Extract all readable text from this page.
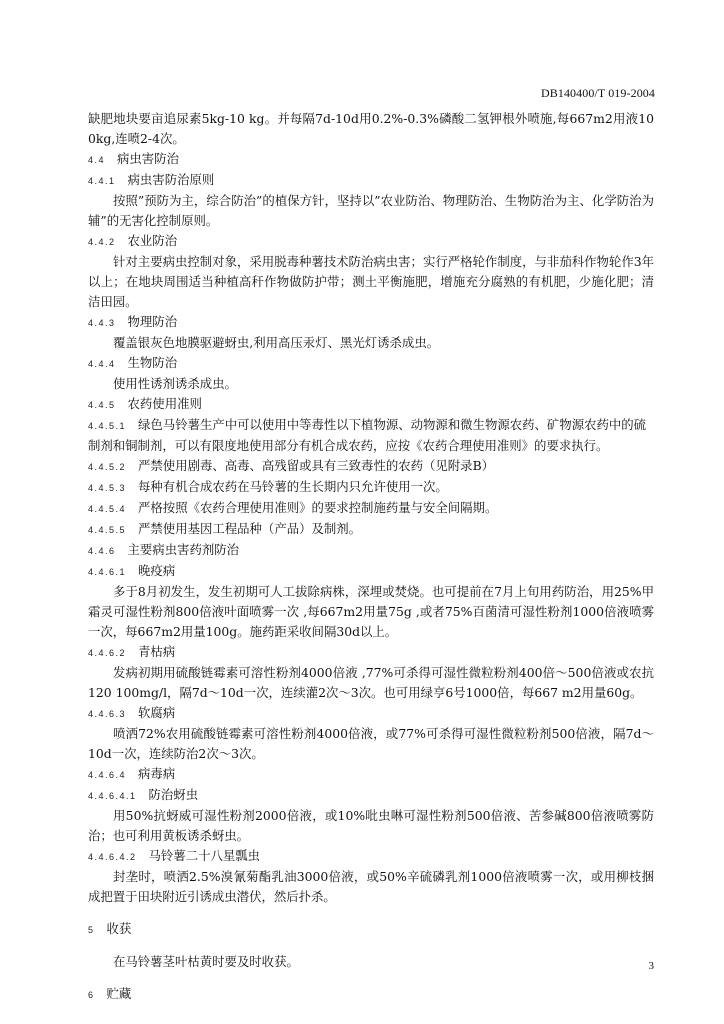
DB140400/T 019-2004

缺肥地块要亩追尿素5kg-10 kg。并每隔7d-10d用0.2%-0.3%磷酸二氢钾根外喷施,每667m2用液100kg,连喷2-4次。

4.4 病虫害防治
4.4.1 病虫害防治原则

按照”预防为主，综合防治”的植保方针，坚持以”农业防治、物理防治、生物防治为主、化学防治为辅”的无害化控制原则。

4.4.2 农业防治

针对主要病虫控制对象，采用脱毒种薯技术防治病虫害；实行严格轮作制度，与非茄科作物轮作3年以上；在地块周围适当种植高秆作物做防护带；测土平衡施肥，增施充分腐熟的有机肥，少施化肥；清洁田园。

4.4.3 物理防治

覆盖银灰色地膜驱避蚜虫,利用高压汞灯、黑光灯诱杀成虫。

4.4.4 生物防治

使用性诱剂诱杀成虫。

4.4.5 农药使用准则
4.4.5.1 绿色马铃薯生产中可以使用中等毒性以下植物源、动物源和微生物源农药、矿物源农药中的硫制剂和铜制剂，可以有限度地使用部分有机合成农药，应按《农药合理使用准则》的要求执行。
4.4.5.2 严禁使用剧毒、高毒、高残留或具有三致毒性的农药（见附录B）
4.4.5.3 每种有机合成农药在马铃薯的生长期内只允许使用一次。
4.4.5.4 严格按照《农药合理使用准则》的要求控制施药量与安全间隔期。
4.4.5.5 严禁使用基因工程品种（产品）及制剂。
4.4.6 主要病虫害药剂防治
4.4.6.1 晚疫病

多于8月初发生，发生初期可人工拔除病株，深埋或焚烧。也可提前在7月上旬用药防治，用25%甲霜灵可湿性粉剂800倍液叶面喷雾一次 ,每667m2用量75g ,或者75%百菌清可湿性粉剂1000倍液喷雾一次，每667m2用量100g。施药距采收间隔30d以上。

4.4.6.2 青枯病

发病初期用硫酸链霉素可溶性粉剂4000倍液 ,77%可杀得可湿性微粒粉剂400倍～500倍液或农抗120 100mg/l，隔7d～10d一次，连续灌2次～3次。也可用绿亨6号1000倍，每667 m2用量60g。

4.4.6.3 软腐病

喷洒72%农用硫酸链霉素可溶性粉剂4000倍液，或77%可杀得可湿性微粒粉剂500倍液，隔7d～10d一次，连续防治2次～3次。

4.4.6.4 病毒病
4.4.6.4.1 防治蚜虫

用50%抗蚜威可湿性粉剂2000倍液，或10%吡虫啉可湿性粉剂500倍液、苦参碱800倍液喷雾防治；也可利用黄板诱杀蚜虫。

4.4.6.4.2 马铃薯二十八星瓢虫

封垄时，喷洒2.5%溴氰菊酯乳油3000倍液，或50%辛硫磷乳剂1000倍液喷雾一次，或用柳枝捆成把置于田块附近引诱成虫潜伏，然后扑杀。

5 收获

在马铃薯茎叶枯黄时要及时收获。

6 贮藏
3
